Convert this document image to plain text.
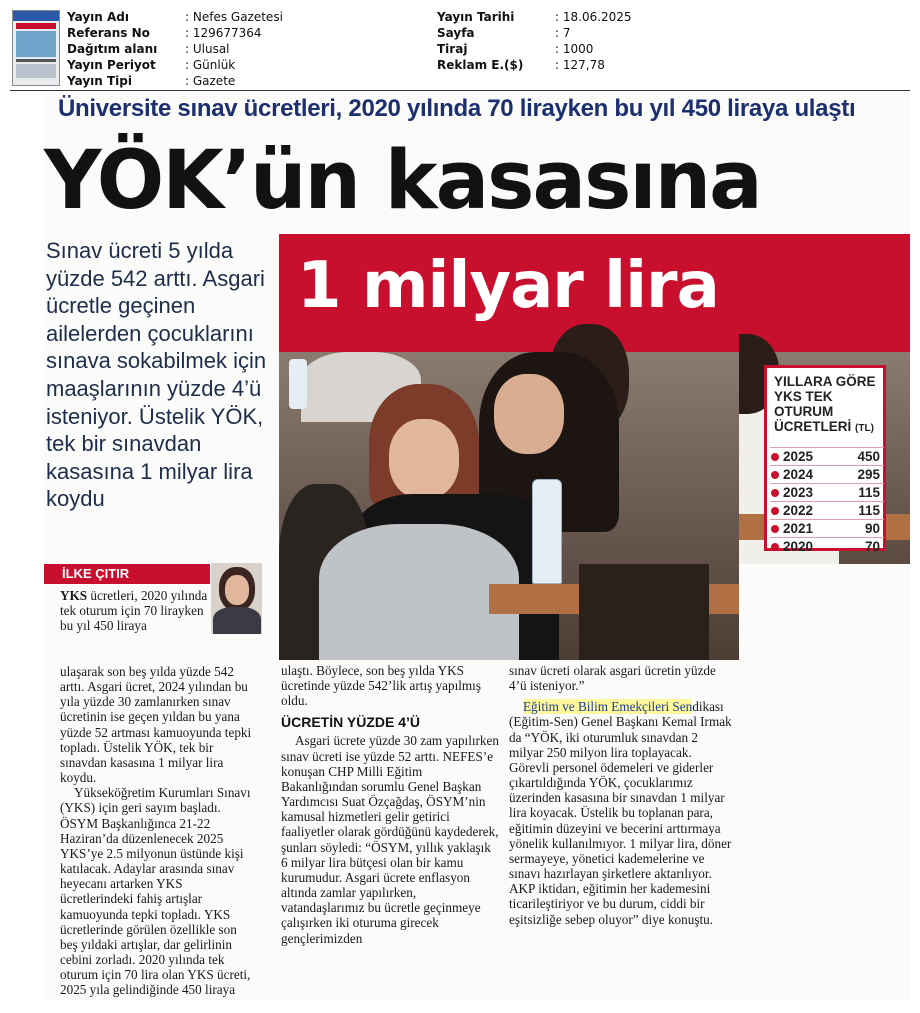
Yayın Adı	: Nefes Gazetesi
Referans No	: 129677364
Dağıtım alanı	: Ulusal
Yayın Periyot	: Günlük
Yayın Tipi	: Gazete
Yayın Tarihi	: 18.06.2025
Sayfa	: 7
Tiraj	: 1000
Reklam E.($)	: 127,78
Üniversite sınav ücretleri, 2020 yılında 70 lirayken bu yıl 450 liraya ulaştı
YÖK’ün kasasına
1 milyar lira
YILLARA GÖRE YKS TEK OTURUM ÜCRETLERİ (TL)
2025	450
2024	295
2023	115
2022	115
2021	90
2020	70
Sınav ücreti 5 yılda yüzde 542 arttı. Asgari ücretle geçinen ailelerden çocuklarını sınava sokabilmek için maaşlarının yüzde 4’ü isteniyor. Üstelik YÖK, tek bir sınavdan kasasına 1 milyar lira koydu
İLKE ÇITIR

YKS ücretleri, 2020 yılında tek oturum için 70 lirayken bu yıl 450 liraya

ulaşarak son beş yılda yüzde 542 arttı. Asgari ücret, 2024 yılından bu yıla yüzde 30 zamlanırken sınav ücretinin ise geçen yıldan bu yana yüzde 52 artması kamuoyunda tepki topladı. Üstelik YÖK, tek bir sınavdan kasasına 1 milyar lira koydu.

Yükseköğretim Kurumları Sınavı (YKS) için geri sayım başladı. ÖSYM Başkanlığınca 21-22 Haziran’da düzenlenecek 2025 YKS’ye 2.5 milyonun üstünde kişi katılacak. Adaylar arasında sınav heyecanı artarken YKS ücretlerindeki fahiş artışlar kamuoyunda tepki topladı. YKS ücretlerinde görülen özellikle son beş yıldaki artışlar, dar gelirlinin cebini zorladı. 2020 yılında tek oturum için 70 lira olan YKS ücreti, 2025 yıla gelindiğinde 450 liraya

ulaştı. Böylece, son beş yılda YKS ücretinde yüzde 542’lik artış yapılmış oldu.

ÜCRETİN YÜZDE 4’Ü

Asgari ücrete yüzde 30 zam yapılırken sınav ücreti ise yüzde 52 arttı. NEFES’e konuşan CHP Milli Eğitim Bakanlığından sorumlu Genel Başkan Yardımcısı Suat Özçağdaş, ÖSYM’nin kamusal hizmetleri gelir getirici faaliyetler olarak gördüğünü kaydederek, şunları söyledi: “ÖSYM, yıllık yaklaşık 6 milyar lira bütçesi olan bir kamu kurumudur. Asgari ücrete enflasyon altında zamlar yapılırken, vatandaşlarımız bu ücretle geçinmeye çalışırken iki oturuma girecek gençlerimizden

sınav ücreti olarak asgari ücretin yüzde 4’ü isteniyor.”

Eğitim ve Bilim Emekçileri Sendikası (Eğitim-Sen) Genel Başkanı Kemal Irmak da “YÖK, iki oturumluk sınavdan 2 milyar 250 milyon lira toplayacak. Görevli personel ödemeleri ve giderler çıkartıldığında YÖK, çocuklarımız üzerinden kasasına bir sınavdan 1 milyar lira koyacak. Üstelik bu toplanan para, eğitimin düzeyini ve becerini arttırmaya yönelik kullanılmıyor. 1 milyar lira, döner sermayeye, yönetici kademelerine ve sınavı hazırlayan şirketlere aktarılıyor. AKP iktidarı, eğitimin her kademesini ticarileştiriyor ve bu durum, ciddi bir eşitsizliğe sebep oluyor” diye konuştu.
